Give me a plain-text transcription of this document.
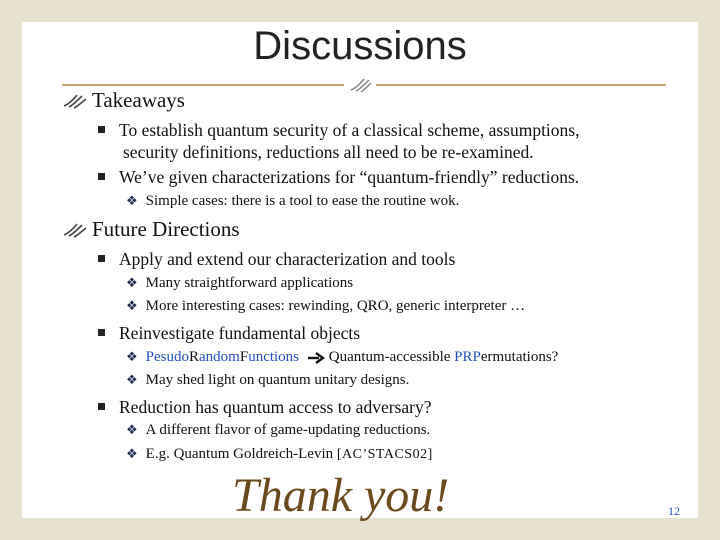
Discussions
Takeaways
To establish quantum security of a classical scheme, assumptions,
security definitions, reductions all need to be re-examined.
We’ve given characterizations for “quantum-friendly” reductions.
❖ Simple cases: there is a tool to ease the routine wok.
Future Directions
Apply and extend our characterization and tools
❖ Many straightforward applications
❖ More interesting cases: rewinding, QRO, generic interpreter …
Reinvestigate fundamental objects
❖ PesudoRandomFunctions Quantum-accessible PRPermutations?
❖ May shed light on quantum unitary designs.
Reduction has quantum access to adversary?
❖ A different flavor of game-updating reductions.
❖ E.g. Quantum Goldreich-Levin [AC’STACS02]
Thank you!	12
